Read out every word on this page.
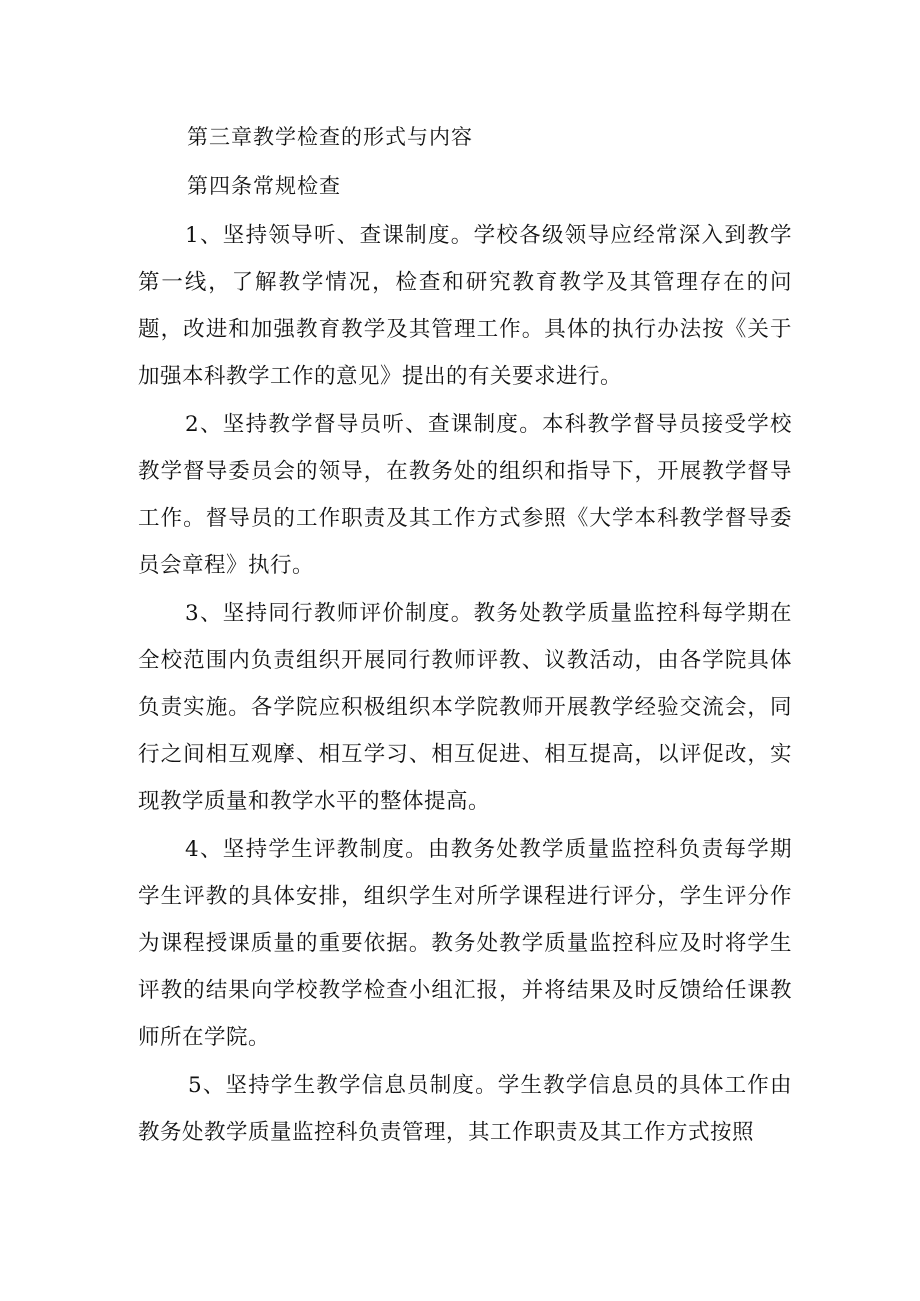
第三章教学检查的形式与内容
第四条常规检查

1、坚持领导听、查课制度。学校各级领导应经常深入到教学第一线，了解教学情况，检查和研究教育教学及其管理存在的问题，改进和加强教育教学及其管理工作。具体的执行办法按《关于加强本科教学工作的意见》提出的有关要求进行。

2、坚持教学督导员听、查课制度。本科教学督导员接受学校教学督导委员会的领导，在教务处的组织和指导下，开展教学督导工作。督导员的工作职责及其工作方式参照《大学本科教学督导委员会章程》执行。

3、坚持同行教师评价制度。教务处教学质量监控科每学期在全校范围内负责组织开展同行教师评教、议教活动，由各学院具体负责实施。各学院应积极组织本学院教师开展教学经验交流会，同行之间相互观摩、相互学习、相互促进、相互提高，以评促改，实现教学质量和教学水平的整体提高。

4、坚持学生评教制度。由教务处教学质量监控科负责每学期学生评教的具体安排，组织学生对所学课程进行评分，学生评分作为课程授课质量的重要依据。教务处教学质量监控科应及时将学生评教的结果向学校教学检查小组汇报，并将结果及时反馈给任课教师所在学院。

5、坚持学生教学信息员制度。学生教学信息员的具体工作由教务处教学质量监控科负责管理，其工作职责及其工作方式按照
